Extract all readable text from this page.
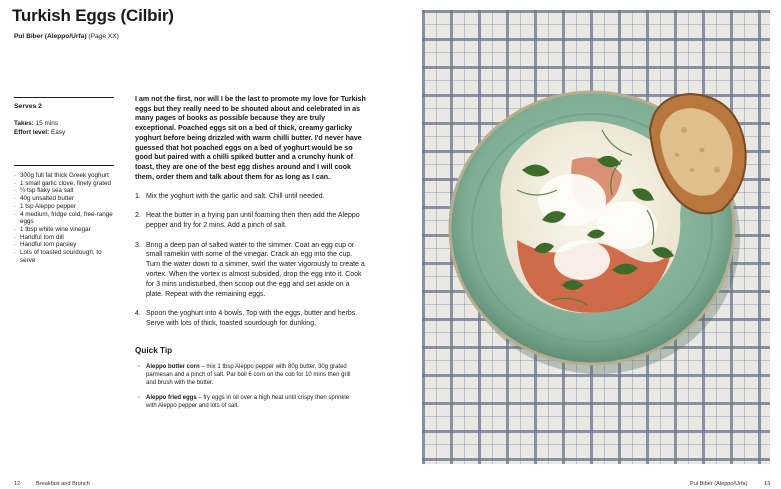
Turkish Eggs (Cilbir)
Pul Biber (Aleppo/Urfa) (Page XX)
Serves 2
Takes: 15 mins
Effort level: Easy
· 300g full fat thick Greek yoghurt
· 1 small garlic clove, finely grated
· ¼ tsp flaky sea salt
· 40g unsalted butter
· 1 tsp Aleppo pepper
· 4 medium, fridge cold, free-range eggs
· 1 tbsp white wine vinegar
· Handful torn dill
· Handful torn parsley
· Lots of toasted sourdough, to serve

I am not the first, nor will I be the last to promote my love for Turkish eggs but they really need to be shouted about and celebrated in as many pages of books as possible because they are truly exceptional. Poached eggs sit on a bed of thick, creamy garlicky yoghurt before being drizzled with warm chilli butter. I'd never have guessed that hot poached eggs on a bed of yoghurt would be so good but paired with a chilli spiked butter and a crunchy hunk of toast, they are one of the best egg dishes around and I will cook them, order them and talk about them for as long as I can.

1. Mix the yoghurt with the garlic and salt. Chill until needed.
2. Heat the butter in a frying pan until foaming then then add the Aleppo pepper and fry for 2 mins. Add a pinch of salt.
3. Bring a deep pan of salted water to the simmer. Coat an egg cup or small ramekin with some of the vinegar. Crack an egg into the cup. Turn the water down to a simmer, swirl the water vigorously to create a vortex. When the vortex is almost subsided, drop the egg into it. Cook for 3 mins undisturbed, then scoop out the egg and set aside on a plate. Repeat with the remaining eggs.
4. Spoon the yoghurt into 4 bowls. Top with the eggs, butter and herbs. Serve with lots of thick, toasted sourdough for dunking.
Quick Tip
· Aleppo butter corn – mix 1 tbsp Aleppo pepper with 80g butter, 30g grated parmesan and a pinch of salt. Par boil 6 corn on the cob for 10 mins then grill and brush with the butter.
· Aleppo fried eggs – fry eggs in oil over a high heat until crispy then sprinkle with Aleppo pepper and lots of salt.
12	Breakfast and Brunch	Pul Biber (Aleppo/Urfa)	13
